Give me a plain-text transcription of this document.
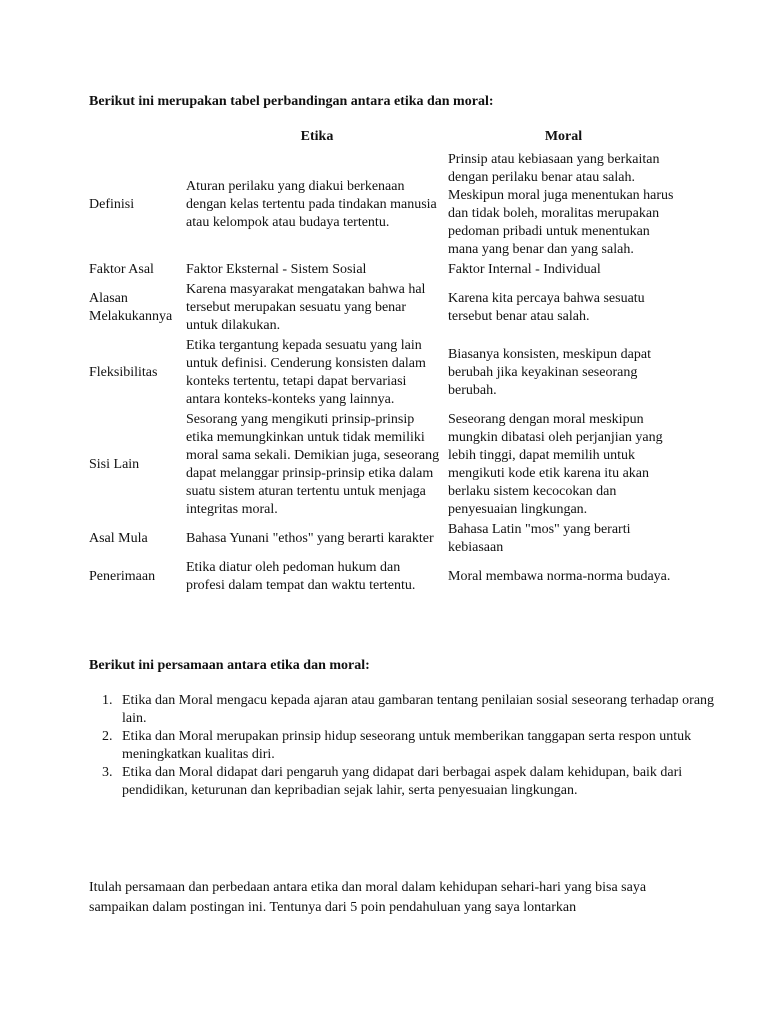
Berikut ini merupakan tabel perbandingan antara etika dan moral:

	Etika	Moral
Definisi	Aturan perilaku yang diakui berkenaan dengan kelas tertentu pada tindakan manusia atau kelompok atau budaya tertentu.	Prinsip atau kebiasaan yang berkaitan dengan perilaku benar atau salah. Meskipun moral juga menentukan harus dan tidak boleh, moralitas merupakan pedoman pribadi untuk menentukan mana yang benar dan yang salah.
Faktor Asal	Faktor Eksternal - Sistem Sosial	Faktor Internal - Individual
Alasan Melakukannya	Karena masyarakat mengatakan bahwa hal tersebut merupakan sesuatu yang benar untuk dilakukan.	Karena kita percaya bahwa sesuatu tersebut benar atau salah.
Fleksibilitas	Etika tergantung kepada sesuatu yang lain untuk definisi. Cenderung konsisten dalam konteks tertentu, tetapi dapat bervariasi antara konteks-konteks yang lainnya.	Biasanya konsisten, meskipun dapat berubah jika keyakinan seseorang berubah.
Sisi Lain	Sesorang yang mengikuti prinsip-prinsip etika memungkinkan untuk tidak memiliki moral sama sekali. Demikian juga, seseorang dapat melanggar prinsip-prinsip etika dalam suatu sistem aturan tertentu untuk menjaga integritas moral.	Seseorang dengan moral meskipun mungkin dibatasi oleh perjanjian yang lebih tinggi, dapat memilih untuk mengikuti kode etik karena itu akan berlaku sistem kecocokan dan penyesuaian lingkungan.
Asal Mula	Bahasa Yunani "ethos" yang berarti karakter	Bahasa Latin "mos" yang berarti kebiasaan
Penerimaan	Etika diatur oleh pedoman hukum dan profesi dalam tempat dan waktu tertentu.	Moral membawa norma-norma budaya.

Berikut ini persamaan antara etika dan moral:

1. Etika dan Moral mengacu kepada ajaran atau gambaran tentang penilaian sosial seseorang terhadap orang lain.
2. Etika dan Moral merupakan prinsip hidup seseorang untuk memberikan tanggapan serta respon untuk meningkatkan kualitas diri.
3. Etika dan Moral didapat dari pengaruh yang didapat dari berbagai aspek dalam kehidupan, baik dari pendidikan, keturunan dan kepribadian sejak lahir, serta penyesuaian lingkungan.

Itulah persamaan dan perbedaan antara etika dan moral dalam kehidupan sehari-hari yang bisa saya sampaikan dalam postingan ini. Tentunya dari 5 poin pendahuluan yang saya lontarkan
